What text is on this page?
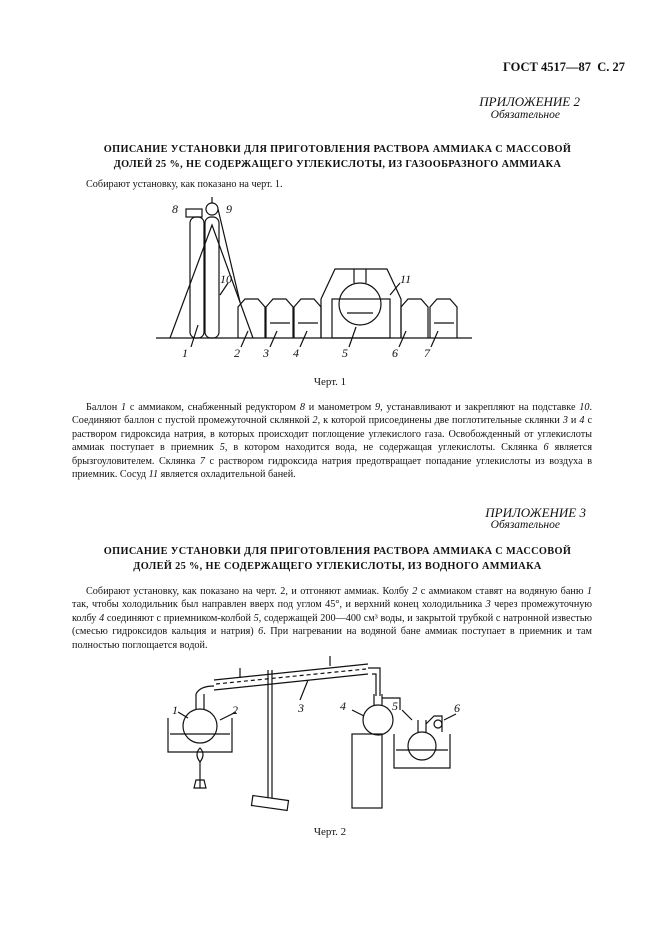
ГОСТ 4517—87 С. 27
ПРИЛОЖЕНИЕ 2
Обязательное
ОПИСАНИЕ УСТАНОВКИ ДЛЯ ПРИГОТОВЛЕНИЯ РАСТВОРА АММИАКА С МАССОВОЙ
ДОЛЕЙ 25 %, НЕ СОДЕРЖАЩЕГО УГЛЕКИСЛОТЫ, ИЗ ГАЗООБРАЗНОГО АММИАКА

Собирают установку, как показано на черт. 1.

8	9
10	11
1	2 3 4	5	6 7
Черт. 1

Баллон 1 с аммиаком, снабженный редуктором 8 и манометром 9, устанавливают и закрепляют на подставке 10. Соединяют баллон с пустой промежуточной склянкой 2, к которой присоединены две поглотительные склянки 3 и 4 с раствором гидроксида натрия, в которых происходит поглощение углекислого газа. Освобожденный от углекислоты аммиак поступает в приемник 5, в котором находится вода, не содержащая углекислоты. Склянка 6 является брызгоуловителем. Склянка 7 с раствором гидроксида натрия предотвращает попадание углекислоты из воздуха в приемник. Сосуд 11 является охладительной баней.

ПРИЛОЖЕНИЕ 3
Обязательное
ОПИСАНИЕ УСТАНОВКИ ДЛЯ ПРИГОТОВЛЕНИЯ РАСТВОРА АММИАКА С МАССОВОЙ
ДОЛЕЙ 25 %, НЕ СОДЕРЖАЩЕГО УГЛЕКИСЛОТЫ, ИЗ ВОДНОГО АММИАКА

Собирают установку, как показано на черт. 2, и отгоняют аммиак. Колбу 2 с аммиаком ставят на водяную баню 1 так, чтобы холодильник был направлен вверх под углом 45°, и верхний конец холодильника 3 через промежуточную колбу 4 соединяют с приемником-колбой 5, содержащей 200—400 см³ воды, и закрытой трубкой с натронной известью (смесью гидроксидов кальция и натрия) 6. При нагревании на водяной бане аммиак поступает в приемник и там полностью поглощается водой.

1	2	3	4	5	6
Черт. 2
